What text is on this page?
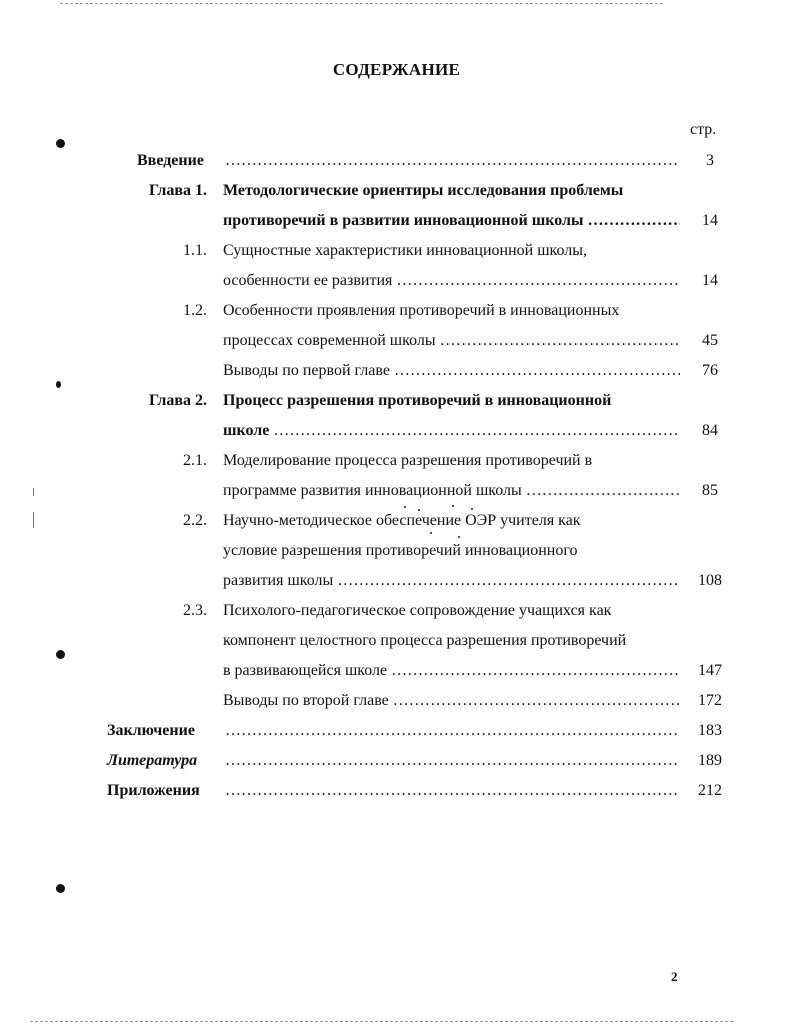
СОДЕРЖАНИЕ
стр.
Введение …………………………………………………………………………………………………………………………………………………	3
Глава 1. Методологические ориентиры исследования проблемы
противоречий в развитии инновационной школы …………………………………………………………………………………………………………………………………………………………	14
1.1. Сущностные характеристики инновационной школы,
особенности ее развития …………………………………………………………………………………………………………………………………………………………	14
1.2. Особенности проявления противоречий в инновационных
процессах современной школы …………………………………………………………………………………………………………………………………………………………	45
Выводы по первой главе …………………………………………………………………………………………………………………………………………………………	76
Глава 2. Процесс разрешения противоречий в инновационной
школе …………………………………………………………………………………………………………………………………………………………	84
2.1. Моделирование процесса разрешения противоречий в
программе развития инновационной школы …………………………………………………………………………………………………………………………………………………………	85
2.2. Научно-методическое обеспечение ОЭР учителя как
условие разрешения противоречий инновационного
развития школы …………………………………………………………………………………………………………………………………………………………	108
2.3. Психолого-педагогическое сопровождение учащихся как
компонент целостного процесса разрешения противоречий
в развивающейся школе …………………………………………………………………………………………………………………………………………………………	147
Выводы по второй главе …………………………………………………………………………………………………………………………………………………………	172
Заключение …………………………………………………………………………………………………………………………………………………	183
Литература …………………………………………………………………………………………………………………………………………………	189
Приложения …………………………………………………………………………………………………………………………………………………	212
2
